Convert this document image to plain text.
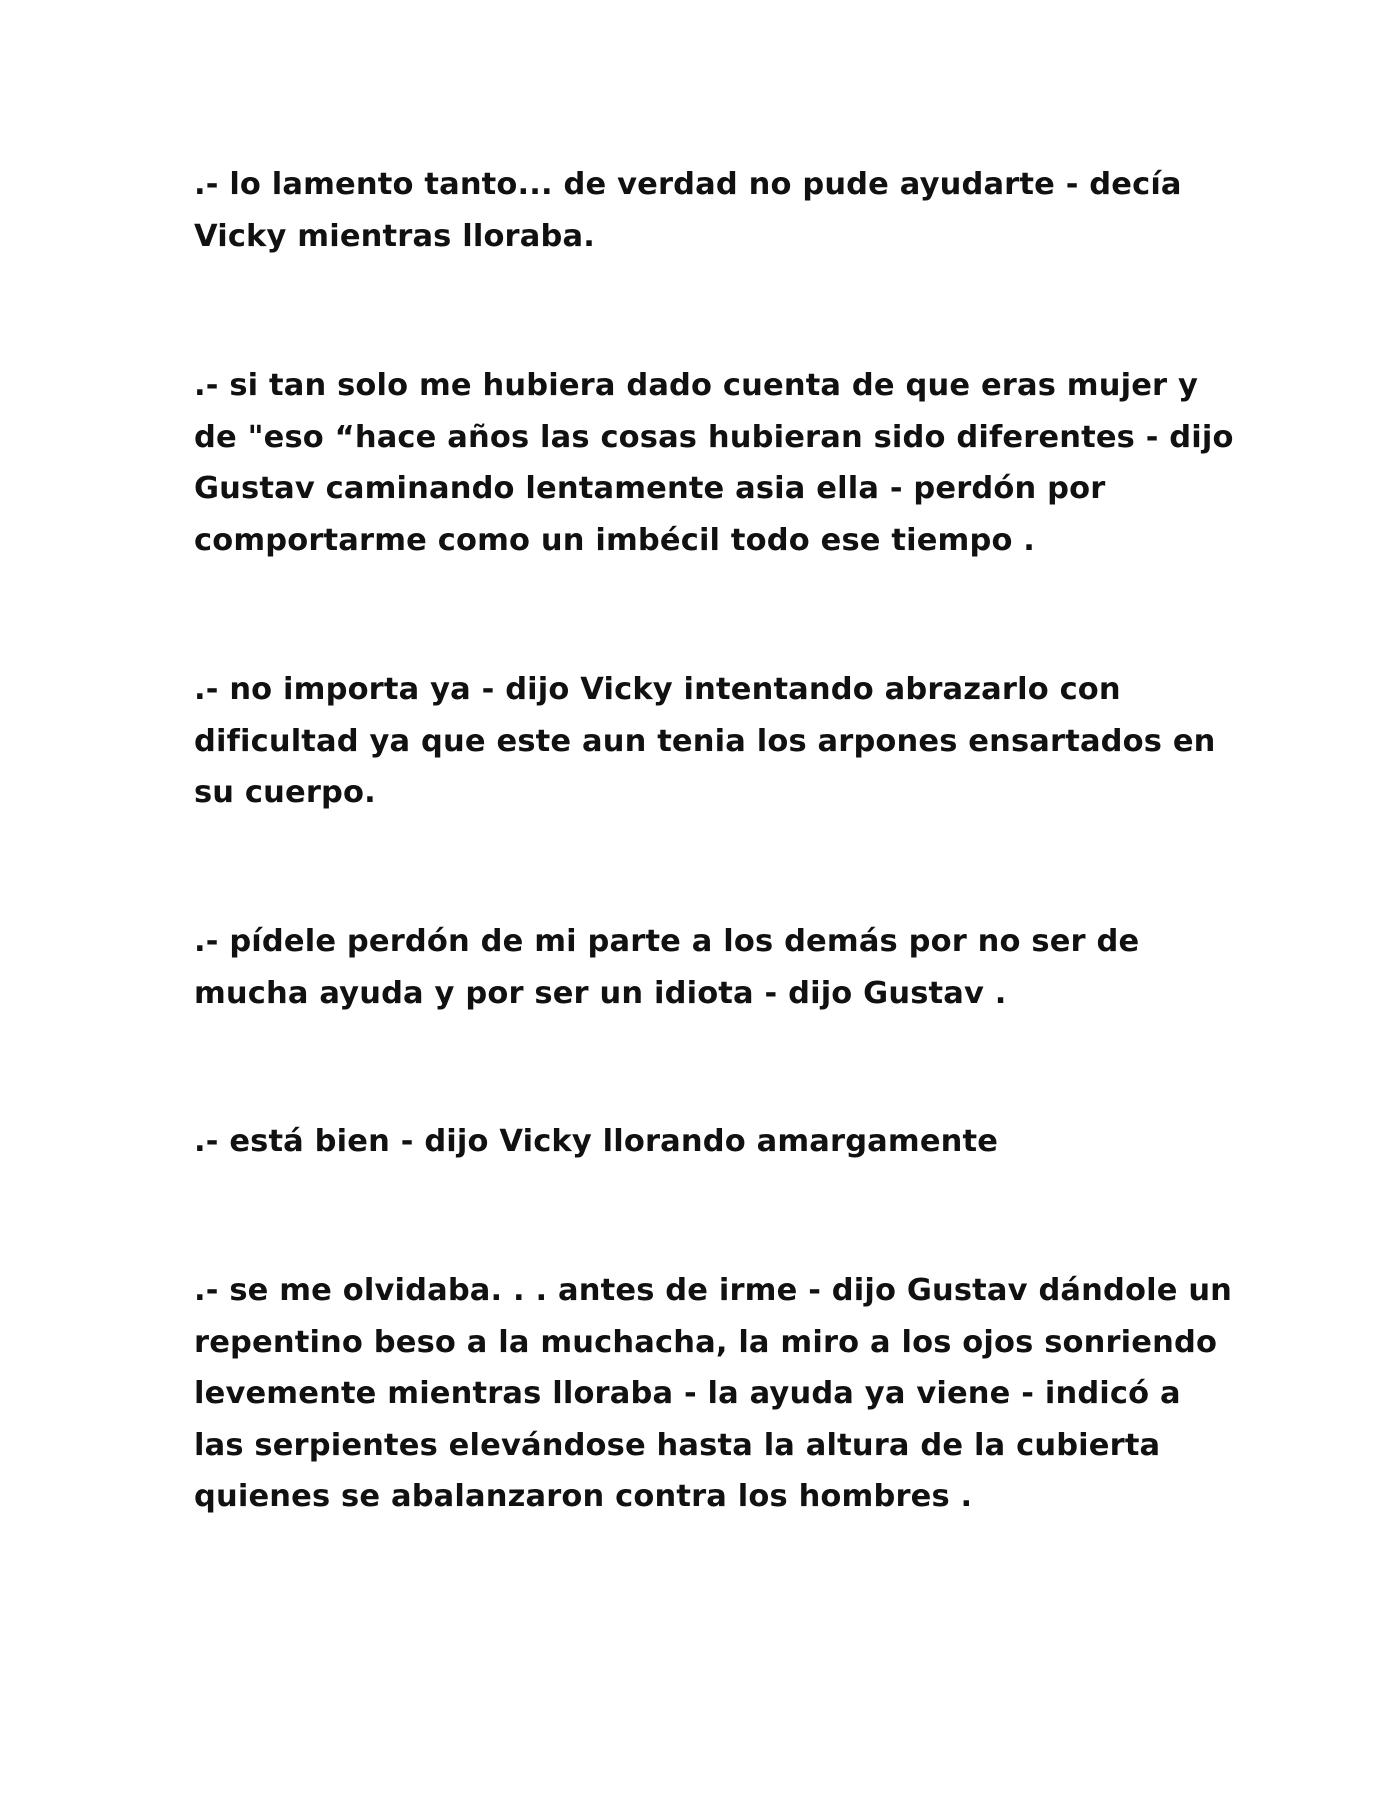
.- lo lamento tanto... de verdad no pude ayudarte - decía Vicky mientras lloraba.

.- si tan solo me hubiera dado cuenta de que eras mujer y de "eso “hace años las cosas hubieran sido diferentes - dijo Gustav caminando lentamente asia ella - perdón por comportarme como un imbécil todo ese tiempo .

.- no importa ya - dijo Vicky intentando abrazarlo con dificultad ya que este aun tenia los arpones ensartados en su cuerpo.

.- pídele perdón de mi parte a los demás por no ser de mucha ayuda y por ser un idiota - dijo Gustav .

.- está bien - dijo Vicky llorando amargamente

.- se me olvidaba. . . antes de irme - dijo Gustav dándole un repentino beso a la muchacha, la miro a los ojos sonriendo levemente mientras lloraba - la ayuda ya viene - indicó a las serpientes elevándose hasta la altura de la cubierta quienes se abalanzaron contra los hombres .
